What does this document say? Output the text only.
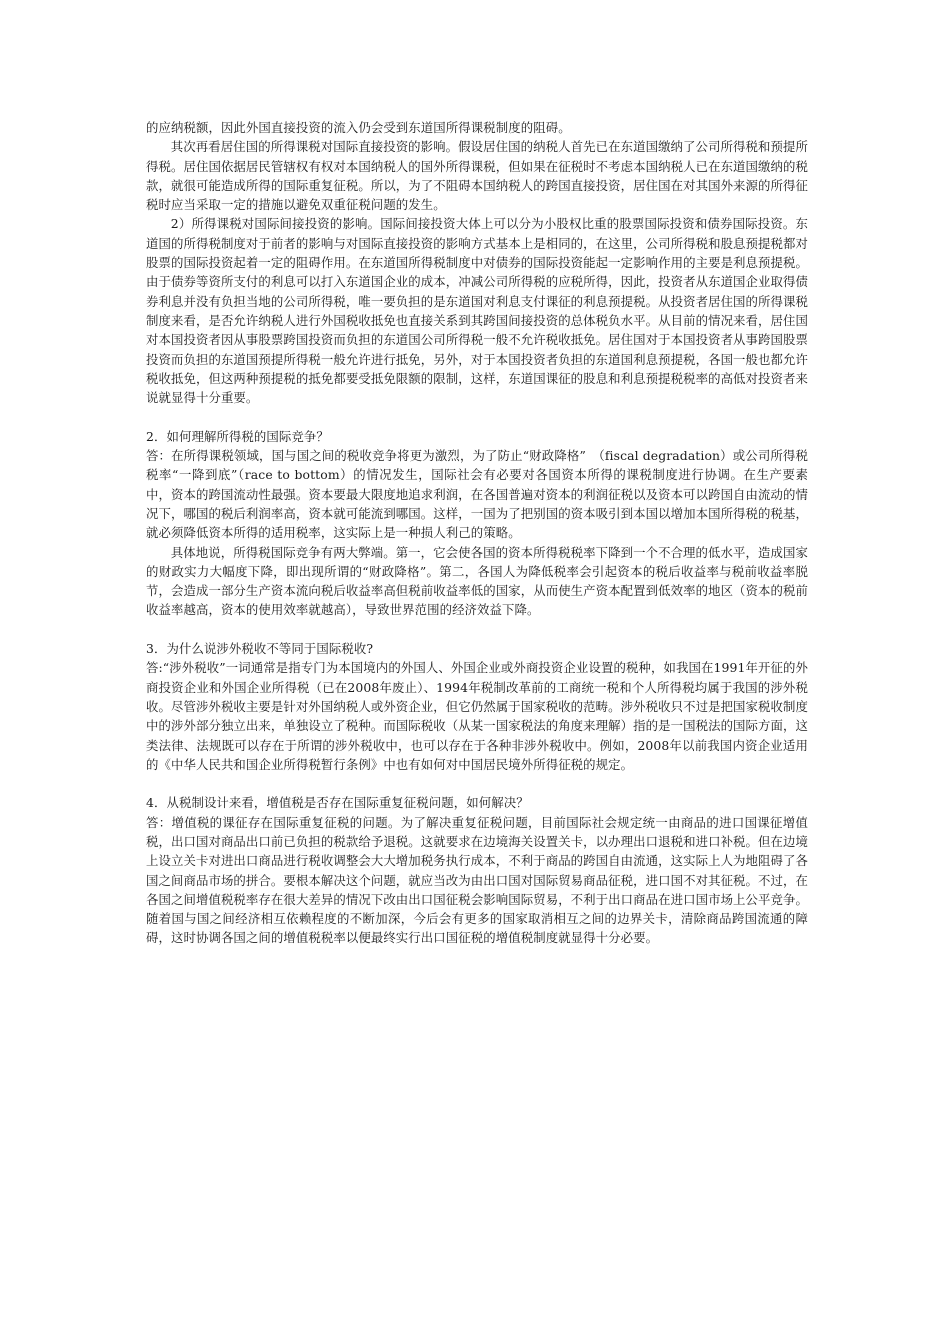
的应纳税额，因此外国直接投资的流入仍会受到东道国所得课税制度的阻碍。

其次再看居住国的所得课税对国际直接投资的影响。假设居住国的纳税人首先已在东道国缴纳了公司所得税和预提所得税。居住国依据居民管辖权有权对本国纳税人的国外所得课税，但如果在征税时不考虑本国纳税人已在东道国缴纳的税款，就很可能造成所得的国际重复征税。所以，为了不阻碍本国纳税人的跨国直接投资，居住国在对其国外来源的所得征税时应当采取一定的措施以避免双重征税问题的发生。

2）所得课税对国际间接投资的影响。国际间接投资大体上可以分为小股权比重的股票国际投资和债券国际投资。东道国的所得税制度对于前者的影响与对国际直接投资的影响方式基本上是相同的，在这里，公司所得税和股息预提税都对股票的国际投资起着一定的阻碍作用。在东道国所得税制度中对债券的国际投资能起一定影响作用的主要是利息预提税。由于债券等资所支付的利息可以打入东道国企业的成本，冲减公司所得税的应税所得，因此，投资者从东道国企业取得债券利息并没有负担当地的公司所得税，唯一要负担的是东道国对利息支付课征的利息预提税。从投资者居住国的所得课税制度来看，是否允许纳税人进行外国税收抵免也直接关系到其跨国间接投资的总体税负水平。从目前的情况来看，居住国对本国投资者因从事股票跨国投资而负担的东道国公司所得税一般不允许税收抵免。居住国对于本国投资者从事跨国股票投资而负担的东道国预提所得税一般允许进行抵免，另外，对于本国投资者负担的东道国利息预提税，各国一般也都允许税收抵免，但这两种预提税的抵免都要受抵免限额的限制，这样，东道国课征的股息和利息预提税税率的高低对投资者来说就显得十分重要。

2．如何理解所得税的国际竞争？

答：在所得课税领域，国与国之间的税收竞争将更为激烈，为了防止“财政降格”　（fiscal degradation）或公司所得税税率“一降到底”（race to bottom）的情况发生，国际社会有必要对各国资本所得的课税制度进行协调。在生产要素中，资本的跨国流动性最强。资本要最大限度地追求利润，在各国普遍对资本的利润征税以及资本可以跨国自由流动的情况下，哪国的税后利润率高，资本就可能流到哪国。这样，一国为了把别国的资本吸引到本国以增加本国所得税的税基，就必须降低资本所得的适用税率，这实际上是一种损人利己的策略。

具体地说，所得税国际竞争有两大弊端。第一，它会使各国的资本所得税税率下降到一个不合理的低水平，造成国家的财政实力大幅度下降，即出现所谓的“财政降格”。第二，各国人为降低税率会引起资本的税后收益率与税前收益率脱节，会造成一部分生产资本流向税后收益率高但税前收益率低的国家，从而使生产资本配置到低效率的地区（资本的税前收益率越高，资本的使用效率就越高），导致世界范围的经济效益下降。

3．为什么说涉外税收不等同于国际税收?

答:“涉外税收”一词通常是指专门为本国境内的外国人、外国企业或外商投资企业设置的税种，如我国在1991年开征的外商投资企业和外国企业所得税（已在2008年废止）、1994年税制改革前的工商统一税和个人所得税均属于我国的涉外税收。尽管涉外税收主要是针对外国纳税人或外资企业，但它仍然属于国家税收的范畴。涉外税收只不过是把国家税收制度中的涉外部分独立出来，单独设立了税种。而国际税收（从某一国家税法的角度来理解）指的是一国税法的国际方面，这类法律、法规既可以存在于所谓的涉外税收中，也可以存在于各种非涉外税收中。例如，2008年以前我国内资企业适用的《中华人民共和国企业所得税暂行条例》中也有如何对中国居民境外所得征税的规定。

4．从税制设计来看，增值税是否存在国际重复征税问题，如何解决？

答：增值税的课征存在国际重复征税的问题。为了解决重复征税问题，目前国际社会规定统一由商品的进口国课征增值税，出口国对商品出口前已负担的税款给予退税。这就要求在边境海关设置关卡，以办理出口退税和进口补税。但在边境上设立关卡对进出口商品进行税收调整会大大增加税务执行成本，不利于商品的跨国自由流通，这实际上人为地阻碍了各国之间商品市场的拼合。要根本解决这个问题，就应当改为由出口国对国际贸易商品征税，进口国不对其征税。不过，在各国之间增值税税率存在很大差异的情况下改由出口国征税会影响国际贸易，不利于出口商品在进口国市场上公平竞争。随着国与国之间经济相互依赖程度的不断加深，今后会有更多的国家取消相互之间的边界关卡，清除商品跨国流通的障碍，这时协调各国之间的增值税税率以便最终实行出口国征税的增值税制度就显得十分必要。
